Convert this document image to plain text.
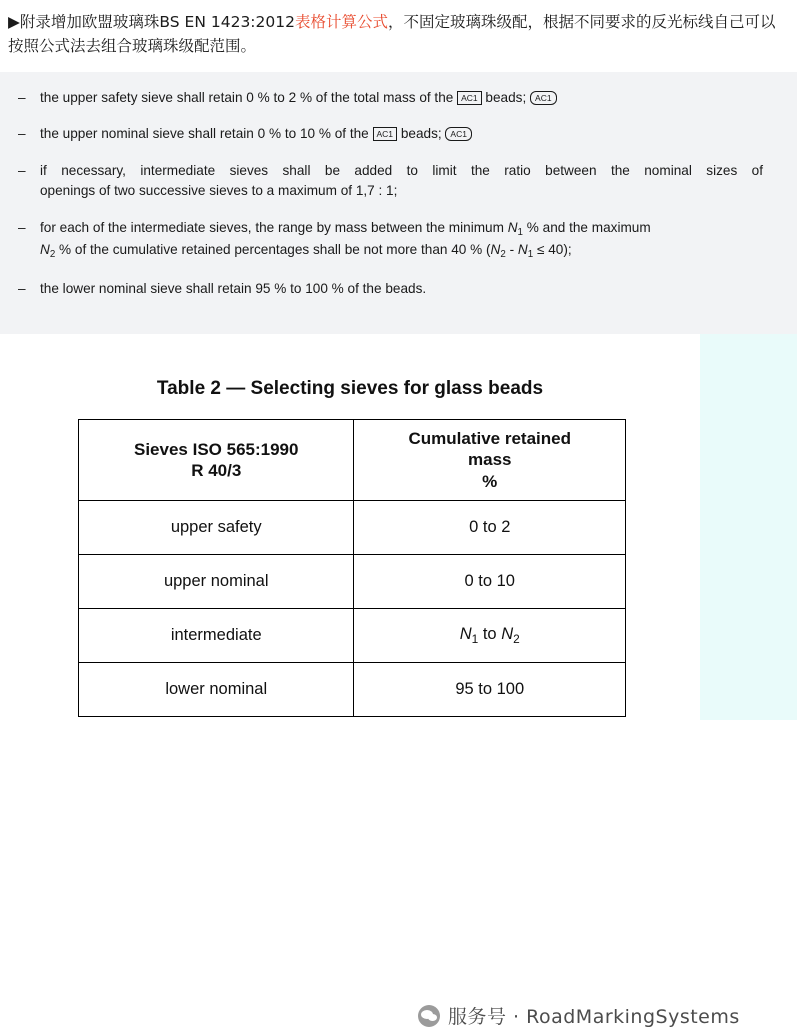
▶附录增加欧盟玻璃珠BS EN 1423:2012表格计算公式，不固定玻璃珠级配，根据不同要求的反光标线自己可以按照公式法去组合玻璃珠级配范围。
–	the upper safety sieve shall retain 0 % to 2 % of the total mass of the AC1 beads; AC1
–	the upper nominal sieve shall retain 0 % to 10 % of the AC1 beads; AC1
–	if necessary, intermediate sieves shall be added to limit the ratio between the nominal sizes of
openings of two successive sieves to a maximum of 1,7 : 1;
–	for each of the intermediate sieves, the range by mass between the minimum $N_1$ % and the maximum
$N_2$ % of the cumulative retained percentages shall be not more than 40 % $(N_2 - N_1 \le 40)$;
–	the lower nominal sieve shall retain 95 % to 100 % of the beads.
Table 2 — Selecting sieves for glass beads
Sieves ISO 565:1990
R 40/3	Cumulative retained
mass
%
upper safety	0 to 2
upper nominal	0 to 10
intermediate	$N_1$ to $N_2$
lower nominal	95 to 100
服务号 · RoadMarkingSystems
